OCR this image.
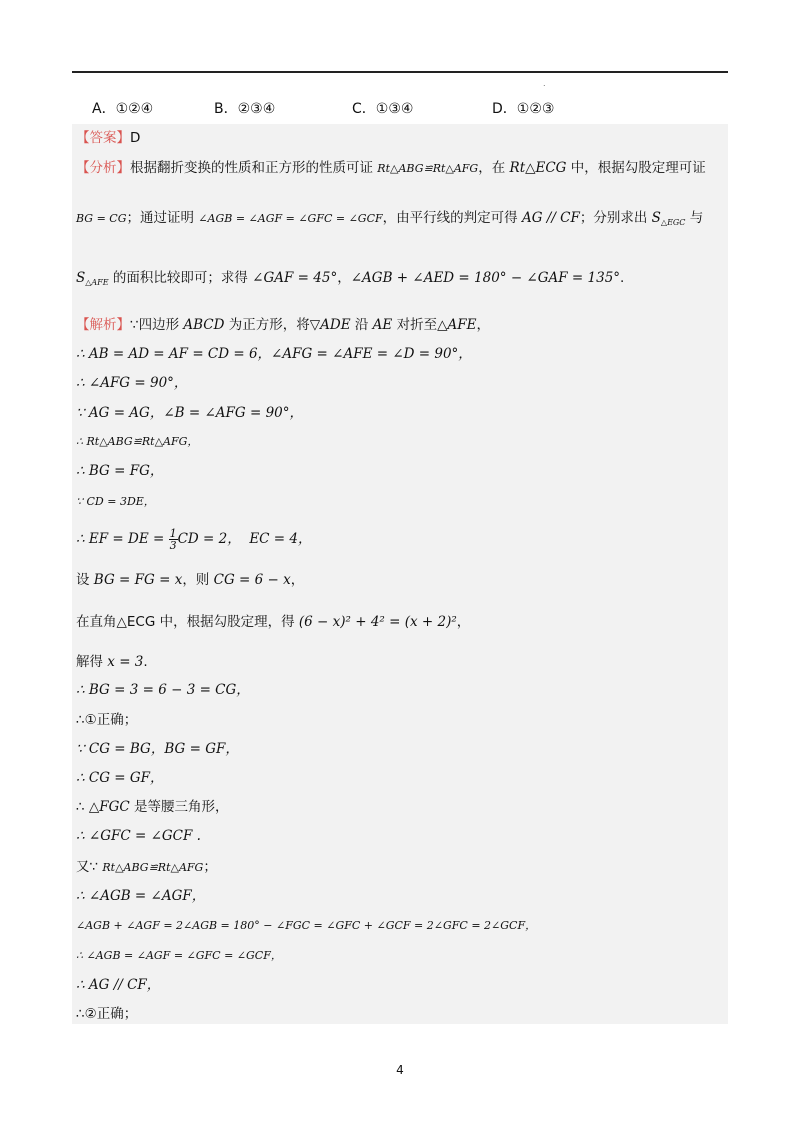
.
A．①②④	B．②③④	C．①③④	D．①②③
【答案】D
【分析】根据翻折变换的性质和正方形的性质可证 Rt△ABG≌Rt△AFG，在 Rt△ECG 中，根据勾股定理可证
BG = CG；通过证明 ∠AGB = ∠AGF = ∠GFC = ∠GCF，由平行线的判定可得 AG // CF；分别求出 $S_{\triangle EGC}$ 与
$S_{\triangle AFE}$ 的面积比较即可；求得 ∠GAF = 45°，∠AGB + ∠AED = 180° − ∠GAF = 135°.
【解析】∵四边形 ABCD 为正方形，将▽ADE 沿 AE 对折至△AFE，
∴ AB = AD = AF = CD = 6，∠AFG = ∠AFE = ∠D = 90°，
∴ ∠AFG = 90°，
∵ AG = AG，∠B = ∠AFG = 90°，
∴ Rt△ABG≌Rt△AFG，
∴ BG = FG，
∵ CD = 3DE，
∴ EF = DE = $\frac{1}{3}$ CD = 2， EC = 4，
设 BG = FG = x，则 CG = 6 − x，
在直角△ECG 中，根据勾股定理，得 (6 − x)² + 4² = (x + 2)²，
解得 x = 3.
∴ BG = 3 = 6 − 3 = CG，
∴①正确；
∵ CG = BG，BG = GF，
∴ CG = GF，
∴ △FGC 是等腰三角形，
∴ ∠GFC = ∠GCF .
又∵ Rt△ABG≌Rt△AFG；
∴ ∠AGB = ∠AGF，
∠AGB + ∠AGF = 2∠AGB = 180° − ∠FGC = ∠GFC + ∠GCF = 2∠GFC = 2∠GCF，
∴ ∠AGB = ∠AGF = ∠GFC = ∠GCF，
∴ AG // CF，
∴②正确；
4
